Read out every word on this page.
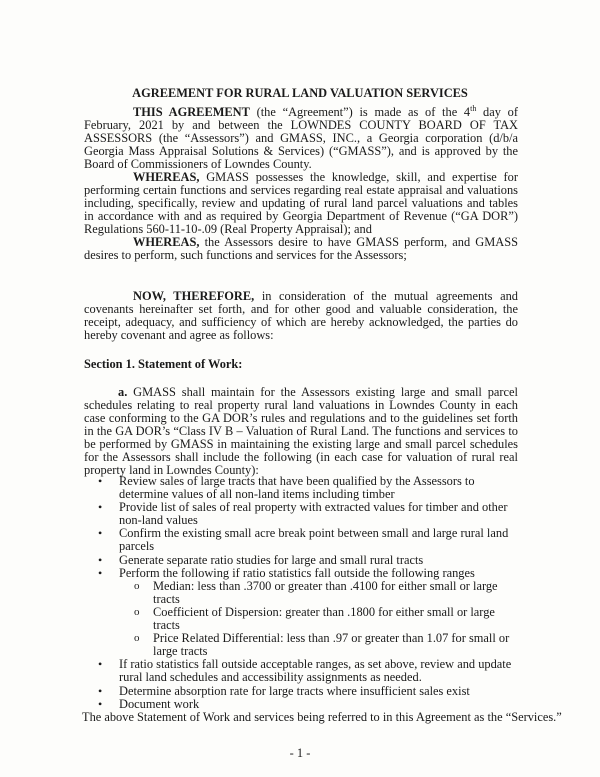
AGREEMENT FOR RURAL LAND VALUATION SERVICES
THIS AGREEMENT (the “Agreement”) is made as of the 4th day of February, 2021 by and between the LOWNDES COUNTY BOARD OF TAX ASSESSORS (the “Assessors”) and GMASS, INC., a Georgia corporation (d/b/a Georgia Mass Appraisal Solutions & Services) (“GMASS”), and is approved by the Board of Commissioners of Lowndes County.
WHEREAS, GMASS possesses the knowledge, skill, and expertise for performing certain functions and services regarding real estate appraisal and valuations including, specifically, review and updating of rural land parcel valuations and tables in accordance with and as required by Georgia Department of Revenue (“GA DOR”) Regulations 560-11-10-.09 (Real Property Appraisal); and
WHEREAS, the Assessors desire to have GMASS perform, and GMASS desires to perform, such functions and services for the Assessors;
NOW, THEREFORE, in consideration of the mutual agreements and covenants hereinafter set forth, and for other good and valuable consideration, the receipt, adequacy, and sufficiency of which are hereby acknowledged, the parties do hereby covenant and agree as follows:
Section 1. Statement of Work:
a. GMASS shall maintain for the Assessors existing large and small parcel schedules relating to real property rural land valuations in Lowndes County in each case conforming to the GA DOR’s rules and regulations and to the guidelines set forth in the GA DOR’s “Class IV B – Valuation of Rural Land. The functions and services to be performed by GMASS in maintaining the existing large and small parcel schedules for the Assessors shall include the following (in each case for valuation of rural real property land in Lowndes County):
• Review sales of large tracts that have been qualified by the Assessors to determine values of all non-land items including timber
• Provide list of sales of real property with extracted values for timber and other non-land values
• Confirm the existing small acre break point between small and large rural land parcels
• Generate separate ratio studies for large and small rural tracts
• Perform the following if ratio statistics fall outside the following ranges
o Median: less than .3700 or greater than .4100 for either small or large tracts
o Coefficient of Dispersion: greater than .1800 for either small or large tracts
o Price Related Differential: less than .97 or greater than 1.07 for small or large tracts
• If ratio statistics fall outside acceptable ranges, as set above, review and update rural land schedules and accessibility assignments as needed.
• Determine absorption rate for large tracts where insufficient sales exist
• Document work
The above Statement of Work and services being referred to in this Agreement as the “Services.”
- 1 -
